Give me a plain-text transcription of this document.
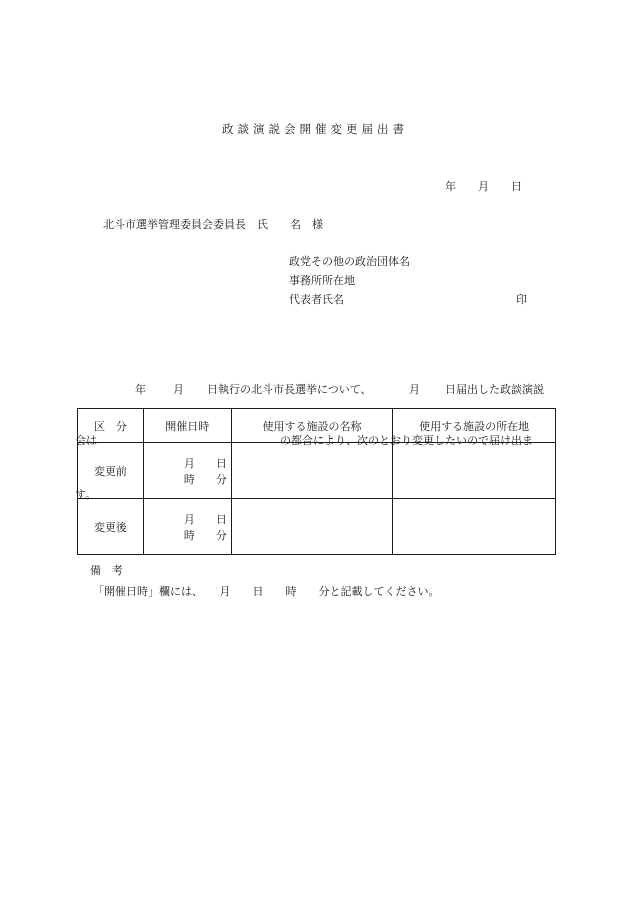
政談演説会開催変更届出書
年　　月　　日
北斗市選挙管理委員会委員長　氏　　名　様
政党その他の政治団体名
事務所所在地
代表者氏名	印

年

月

日執行の北斗市長選挙について、

	月

日届出した政談演説

会は

	の都合により、次のとおり変更したいので届け出ま

す。

区　分	開催日時	使用する施設の名称	使用する施設の所在地
変更前	月 日
時 分		

変更後	月 日
時 分		

備　考
「開催日時」欄には、　　月　　日　　時　　分と記載してください。
